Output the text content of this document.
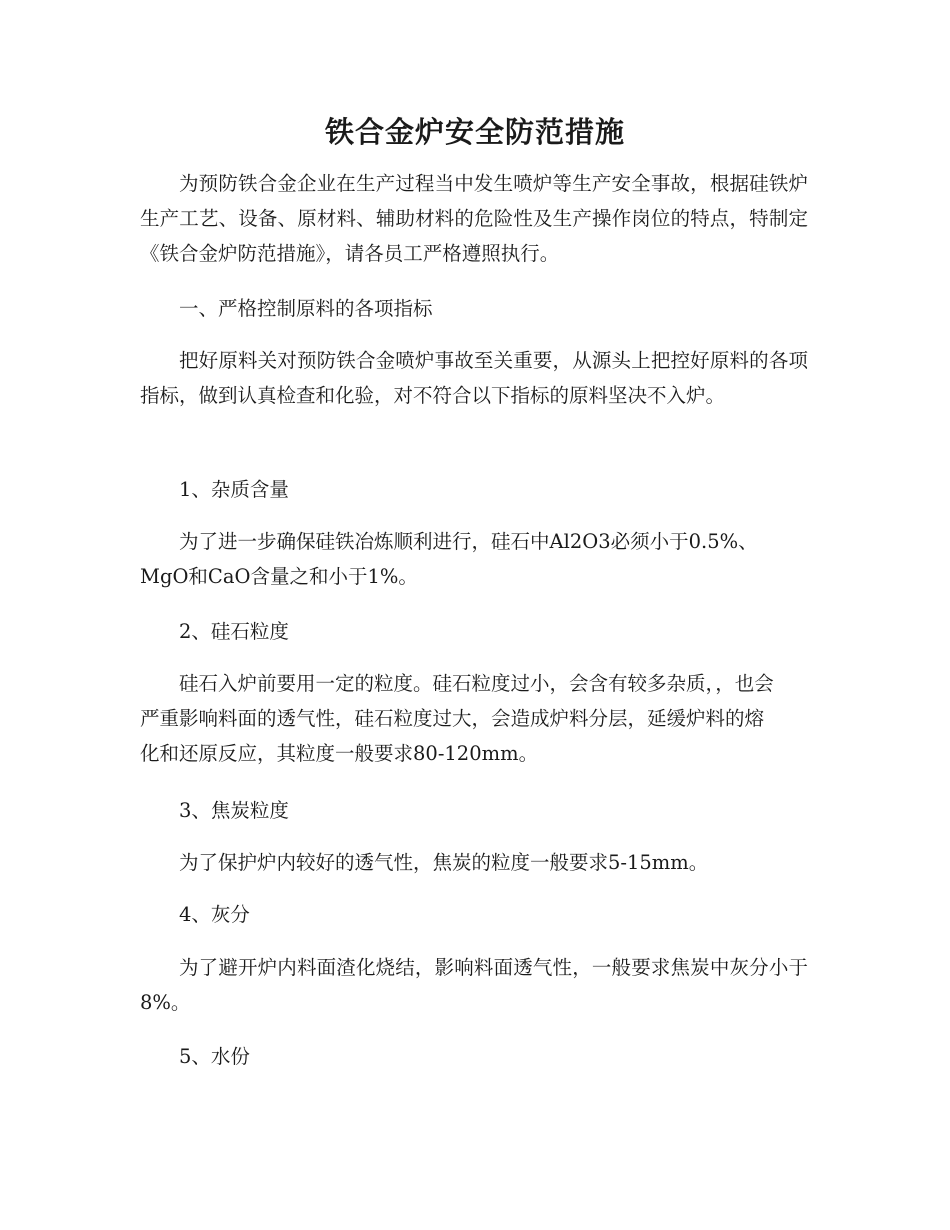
铁合金炉安全防范措施

为预防铁合金企业在生产过程当中发生喷炉等生产安全事故，根据硅铁炉生产工艺、设备、原材料、辅助材料的危险性及生产操作岗位的特点，特制定《铁合金炉防范措施》，请各员工严格遵照执行。

一、严格控制原料的各项指标

把好原料关对预防铁合金喷炉事故至关重要，从源头上把控好原料的各项指标，做到认真检查和化验，对不符合以下指标的原料坚决不入炉。

1、杂质含量

为了进一步确保硅铁冶炼顺利进行，硅石中Al2O3必须小于0.5%、MgO和CaO含量之和小于1%。

2、硅石粒度

硅石入炉前要用一定的粒度。硅石粒度过小，会含有较多杂质，，也会严重影响料面的透气性，硅石粒度过大，会造成炉料分层，延缓炉料的熔化和还原反应，其粒度一般要求80-120mm。

3、焦炭粒度

为了保护炉内较好的透气性，焦炭的粒度一般要求5-15mm。

4、灰分

为了避开炉内料面渣化烧结，影响料面透气性，一般要求焦炭中灰分小于8%。

5、水份
